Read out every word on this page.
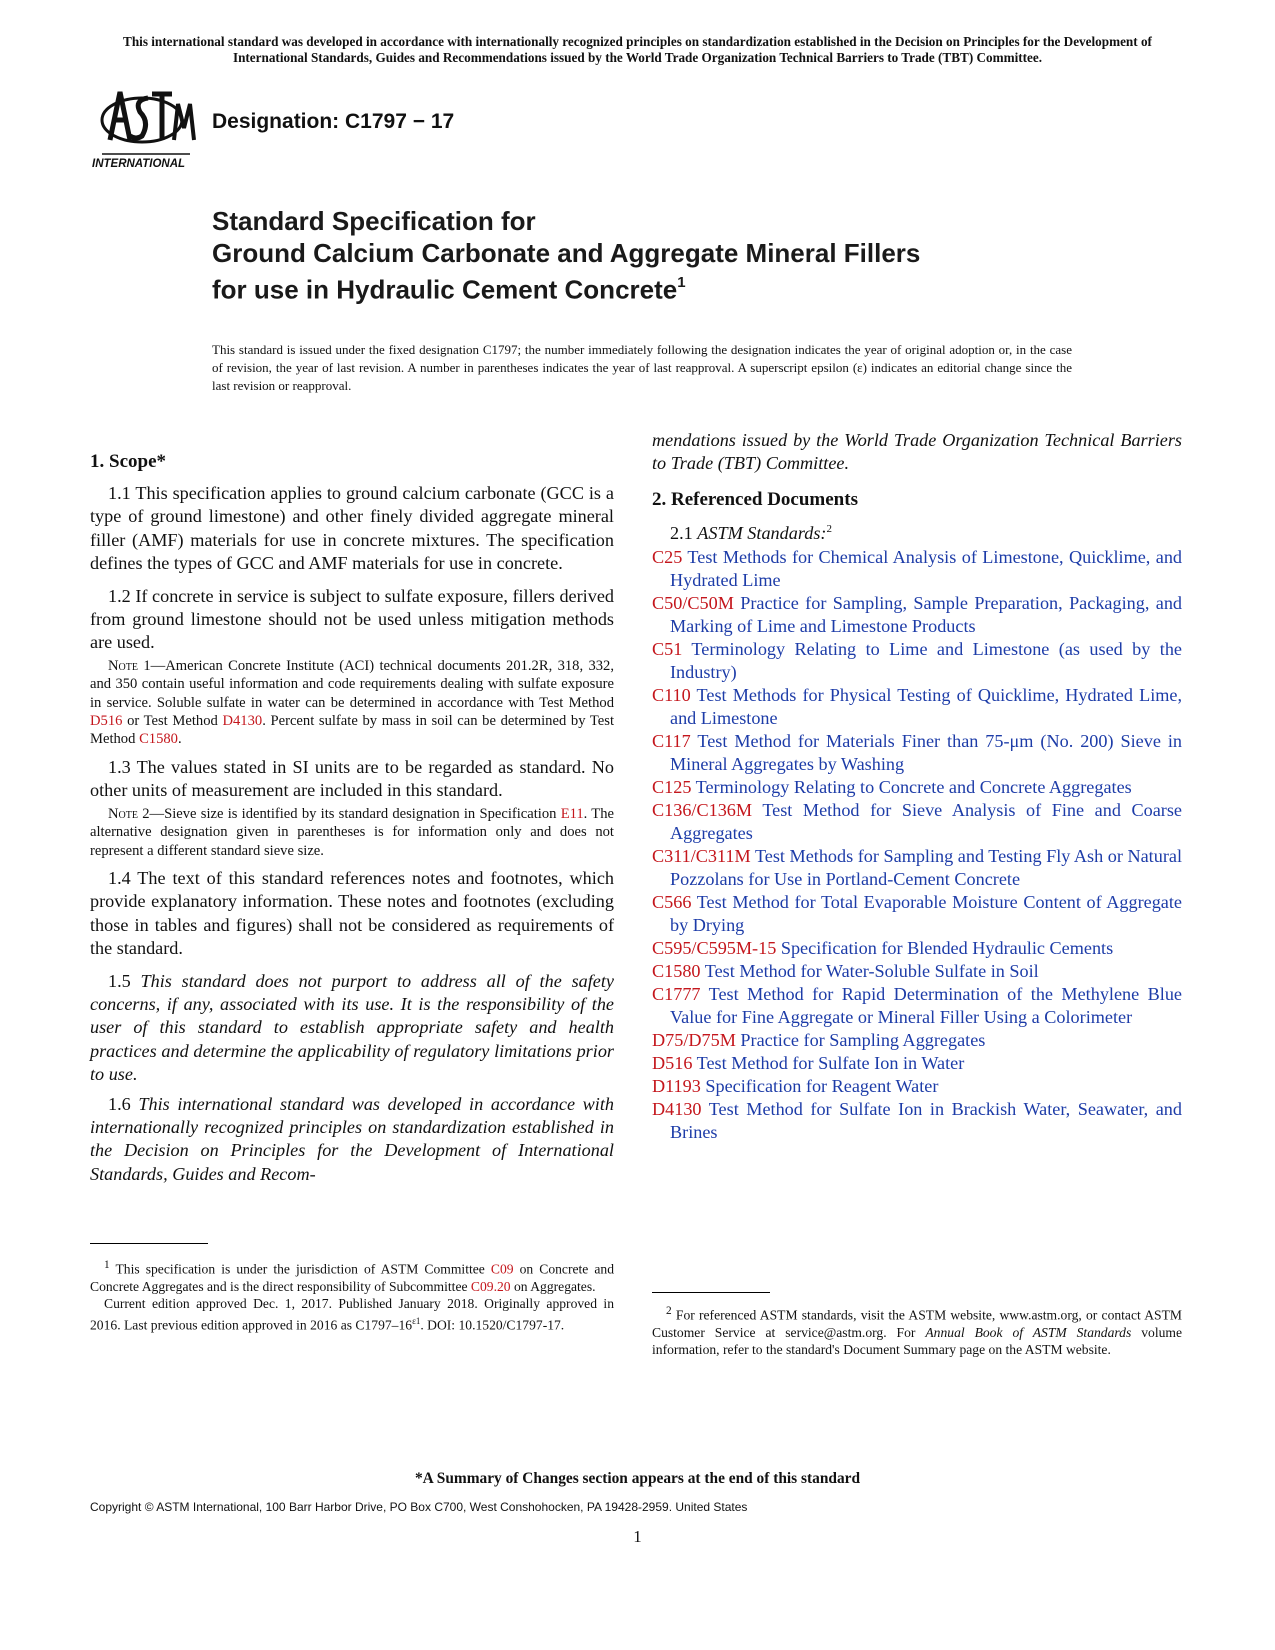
This international standard was developed in accordance with internationally recognized principles on standardization established in the Decision on Principles for the Development of International Standards, Guides and Recommendations issued by the World Trade Organization Technical Barriers to Trade (TBT) Committee.
INTERNATIONAL
Designation: C1797 − 17
Standard Specification for
Ground Calcium Carbonate and Aggregate Mineral Fillers
for use in Hydraulic Cement Concrete$^1$
This standard is issued under the fixed designation C1797; the number immediately following the designation indicates the year of original adoption or, in the case of revision, the year of last revision. A number in parentheses indicates the year of last reapproval. A superscript epsilon (ε) indicates an editorial change since the last revision or reapproval.
1. Scope*

1.1 This specification applies to ground calcium carbonate (GCC is a type of ground limestone) and other finely divided aggregate mineral filler (AMF) materials for use in concrete mixtures. The specification defines the types of GCC and AMF materials for use in concrete.

1.2 If concrete in service is subject to sulfate exposure, fillers derived from ground limestone should not be used unless mitigation methods are used.

Note 1—American Concrete Institute (ACI) technical documents 201.2R, 318, 332, and 350 contain useful information and code requirements dealing with sulfate exposure in service. Soluble sulfate in water can be determined in accordance with Test Method D516 or Test Method D4130. Percent sulfate by mass in soil can be determined by Test Method C1580.

1.3 The values stated in SI units are to be regarded as standard. No other units of measurement are included in this standard.

Note 2—Sieve size is identified by its standard designation in Specification E11. The alternative designation given in parentheses is for information only and does not represent a different standard sieve size.

1.4 The text of this standard references notes and footnotes, which provide explanatory information. These notes and footnotes (excluding those in tables and figures) shall not be considered as requirements of the standard.

1.5 This standard does not purport to address all of the safety concerns, if any, associated with its use. It is the responsibility of the user of this standard to establish appropriate safety and health practices and determine the applicability of regulatory limitations prior to use.

1.6 This international standard was developed in accordance with internationally recognized principles on standardization established in the Decision on Principles for the Development of International Standards, Guides and Recom-

$^1$ This specification is under the jurisdiction of ASTM Committee C09 on Concrete and Concrete Aggregates and is the direct responsibility of Subcommittee C09.20 on Aggregates.

Current edition approved Dec. 1, 2017. Published January 2018. Originally approved in 2016. Last previous edition approved in 2016 as $C1797-16^{\varepsilon 1}$. DOI: 10.1520/C1797-17.

mendations issued by the World Trade Organization Technical Barriers to Trade (TBT) Committee.

2. Referenced Documents

2.1 ASTM Standards:$^2$

C25 Test Methods for Chemical Analysis of Limestone, Quicklime, and Hydrated Lime

C50/C50M Practice for Sampling, Sample Preparation, Packaging, and Marking of Lime and Limestone Products

C51 Terminology Relating to Lime and Limestone (as used by the Industry)

C110 Test Methods for Physical Testing of Quicklime, Hydrated Lime, and Limestone

C117 Test Method for Materials Finer than 75-μm (No. 200) Sieve in Mineral Aggregates by Washing

C125 Terminology Relating to Concrete and Concrete Aggregates

C136/C136M Test Method for Sieve Analysis of Fine and Coarse Aggregates

C311/C311M Test Methods for Sampling and Testing Fly Ash or Natural Pozzolans for Use in Portland-Cement Concrete

C566 Test Method for Total Evaporable Moisture Content of Aggregate by Drying

C595/C595M-15 Specification for Blended Hydraulic Cements

C1580 Test Method for Water-Soluble Sulfate in Soil

C1777 Test Method for Rapid Determination of the Methylene Blue Value for Fine Aggregate or Mineral Filler Using a Colorimeter

D75/D75M Practice for Sampling Aggregates

D516 Test Method for Sulfate Ion in Water

D1193 Specification for Reagent Water

D4130 Test Method for Sulfate Ion in Brackish Water, Seawater, and Brines

$^2$ For referenced ASTM standards, visit the ASTM website, www.astm.org, or contact ASTM Customer Service at service@astm.org. For Annual Book of ASTM Standards volume information, refer to the standard's Document Summary page on the ASTM website.

*A Summary of Changes section appears at the end of this standard
Copyright © ASTM International, 100 Barr Harbor Drive, PO Box C700, West Conshohocken, PA 19428-2959. United States
1
